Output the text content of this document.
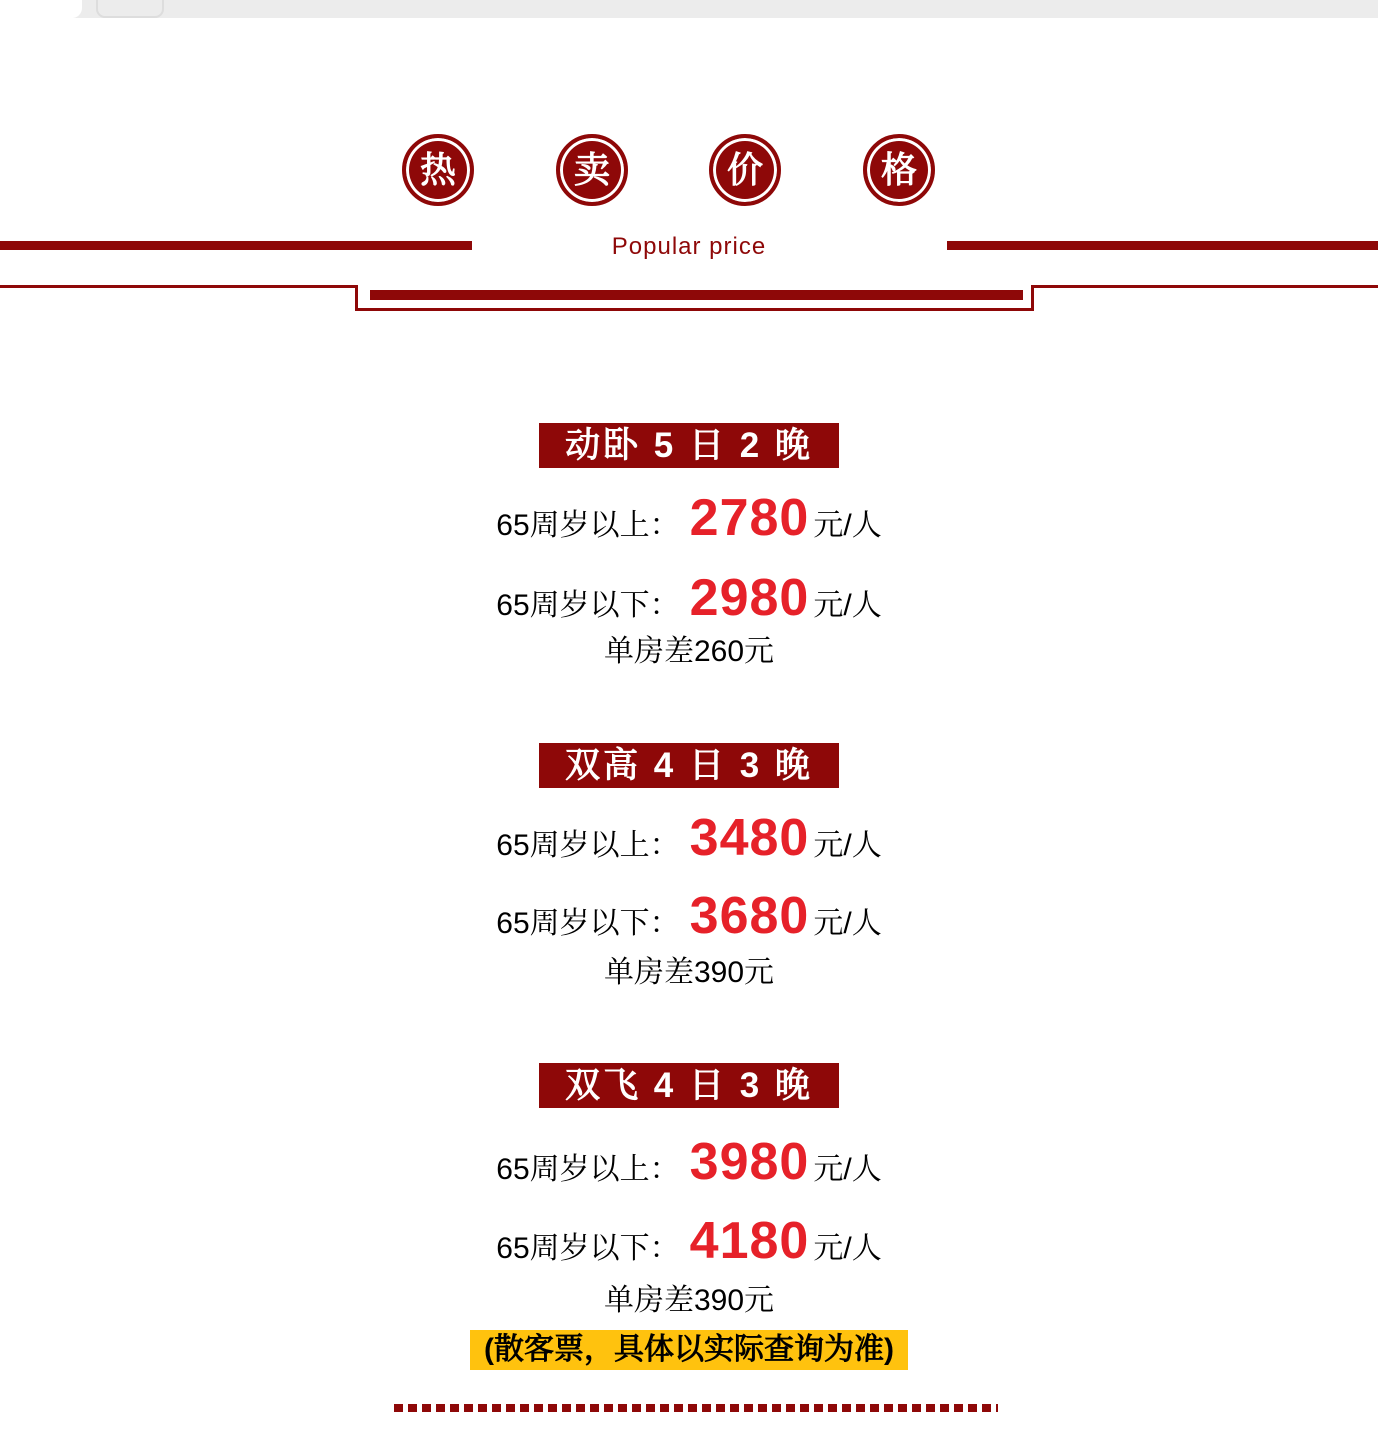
热	卖	价	格
Popular price
动卧 5 日 2 晚
65周岁以上： 2780 元/人
65周岁以下： 2980 元/人
单房差260元
双高 4 日 3 晚
65周岁以上： 3480 元/人
65周岁以下： 3680 元/人
单房差390元
双飞 4 日 3 晚
65周岁以上： 3980 元/人
65周岁以下： 4180 元/人
单房差390元
(散客票，具体以实际查询为准)
